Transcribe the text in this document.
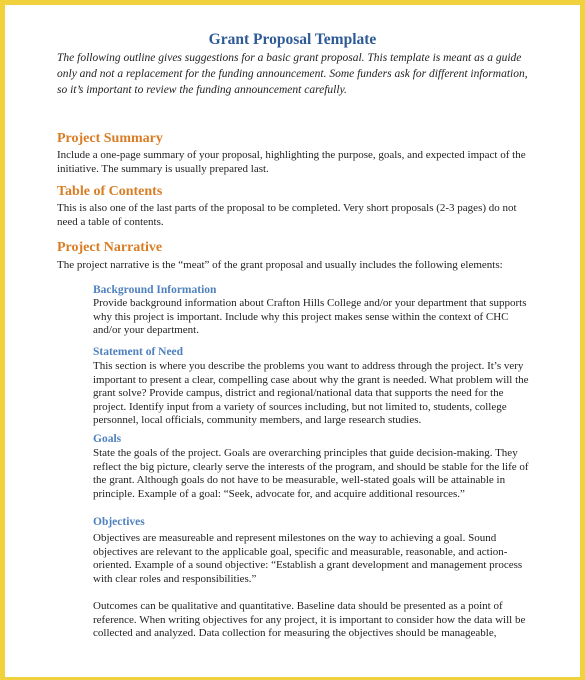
Grant Proposal Template
The following outline gives suggestions for a basic grant proposal. This template is meant as a guide only and not a replacement for the funding announcement. Some funders ask for different information, so it’s important to review the funding announcement carefully.
Project Summary
Include a one-page summary of your proposal, highlighting the purpose, goals, and expected impact of the initiative. The summary is usually prepared last.
Table of Contents
This is also one of the last parts of the proposal to be completed. Very short proposals (2-3 pages) do not need a table of contents.
Project Narrative
The project narrative is the “meat” of the grant proposal and usually includes the following elements:
Background Information
Provide background information about Crafton Hills College and/or your department that supports why this project is important. Include why this project makes sense within the context of CHC and/or your department.
Statement of Need
This section is where you describe the problems you want to address through the project. It’s very important to present a clear, compelling case about why the grant is needed. What problem will the grant solve? Provide campus, district and regional/national data that supports the need for the project. Identify input from a variety of sources including, but not limited to, students, college personnel, local officials, community members, and large research studies.
Goals
State the goals of the project. Goals are overarching principles that guide decision-making. They reflect the big picture, clearly serve the interests of the program, and should be stable for the life of the grant. Although goals do not have to be measurable, well-stated goals will be attainable in principle. Example of a goal: “Seek, advocate for, and acquire additional resources.”
Objectives
Objectives are measureable and represent milestones on the way to achieving a goal. Sound objectives are relevant to the applicable goal, specific and measurable, reasonable, and action-oriented. Example of a sound objective: “Establish a grant development and management process with clear roles and responsibilities.”
Outcomes can be qualitative and quantitative. Baseline data should be presented as a point of reference. When writing objectives for any project, it is important to consider how the data will be collected and analyzed. Data collection for measuring the objectives should be manageable,
